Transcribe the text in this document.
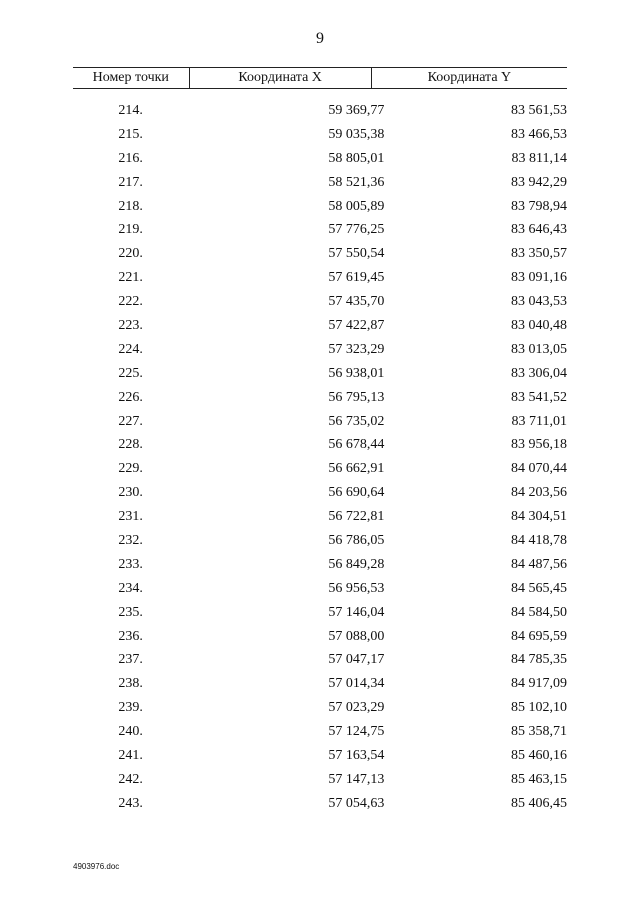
9
Номер точки	Координата X	Координата Y
214.	59 369,77	83 561,53
215.	59 035,38	83 466,53
216.	58 805,01	83 811,14
217.	58 521,36	83 942,29
218.	58 005,89	83 798,94
219.	57 776,25	83 646,43
220.	57 550,54	83 350,57
221.	57 619,45	83 091,16
222.	57 435,70	83 043,53
223.	57 422,87	83 040,48
224.	57 323,29	83 013,05
225.	56 938,01	83 306,04
226.	56 795,13	83 541,52
227.	56 735,02	83 711,01
228.	56 678,44	83 956,18
229.	56 662,91	84 070,44
230.	56 690,64	84 203,56
231.	56 722,81	84 304,51
232.	56 786,05	84 418,78
233.	56 849,28	84 487,56
234.	56 956,53	84 565,45
235.	57 146,04	84 584,50
236.	57 088,00	84 695,59
237.	57 047,17	84 785,35
238.	57 014,34	84 917,09
239.	57 023,29	85 102,10
240.	57 124,75	85 358,71
241.	57 163,54	85 460,16
242.	57 147,13	85 463,15
243.	57 054,63	85 406,45
4903976.doc
